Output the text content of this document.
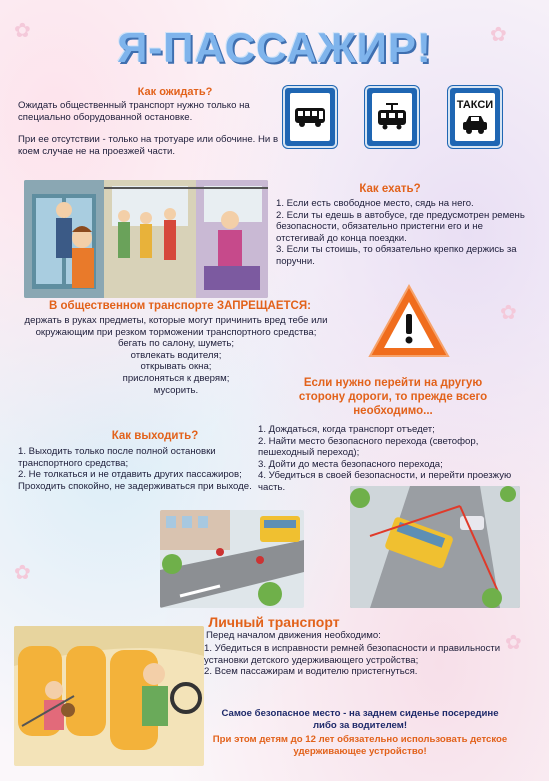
✿	✿
✿
✿
✿
Я-ПАССАЖИР!
Как ожидать?

Ожидать общественный транспорт нужно только на специально оборудованной остановке.

При ее отсутствии - только на тротуаре или обочине. Ни в коем случае не на проезжей части.

ТАКСИ
Как ехать?

1. Если есть свободное место, сядь на него.

2. Если ты едешь в автобусе, где предусмотрен ремень безопасности, обязательно пристегни его и не отстегивай до конца поездки.

3. Если ты стоишь, то обязательно крепко держись за поручни.

В общественном транспорте ЗАПРЕЩАЕТСЯ:

держать в руках предметы, которые могут причинить вред тебе или окружающим при резком торможении транспортного средства;

бегать по салону, шуметь;

отвлекать водителя;

открывать окна;

прислоняться к дверям;

мусорить.

Если нужно перейти на другую сторону дороги, то прежде всего необходимо...

1. Дождаться, когда транспорт отъедет;

2. Найти место безопасного перехода (светофор, пешеходный переход);

3. Дойти до места безопасного перехода;

4. Убедиться в своей безопасности, и перейти проезжую часть.

Как выходить?

1. Выходить только после полной остановки транспортного средства;

2. Не толкаться и не отдавить других пассажиров;

Проходить спокойно, не задерживаться при выходе.

Личный транспорт
Перед началом движения необходимо:

1. Убедиться в исправности ремней безопасности и правильности установки детского удерживающего устройства;

2. Всем пассажирам и водителю пристегнуться.

Самое безопасное место - на заднем сиденье посередине либо за водителем!
При этом детям до 12 лет обязательно использовать детское удерживающее устройство!
